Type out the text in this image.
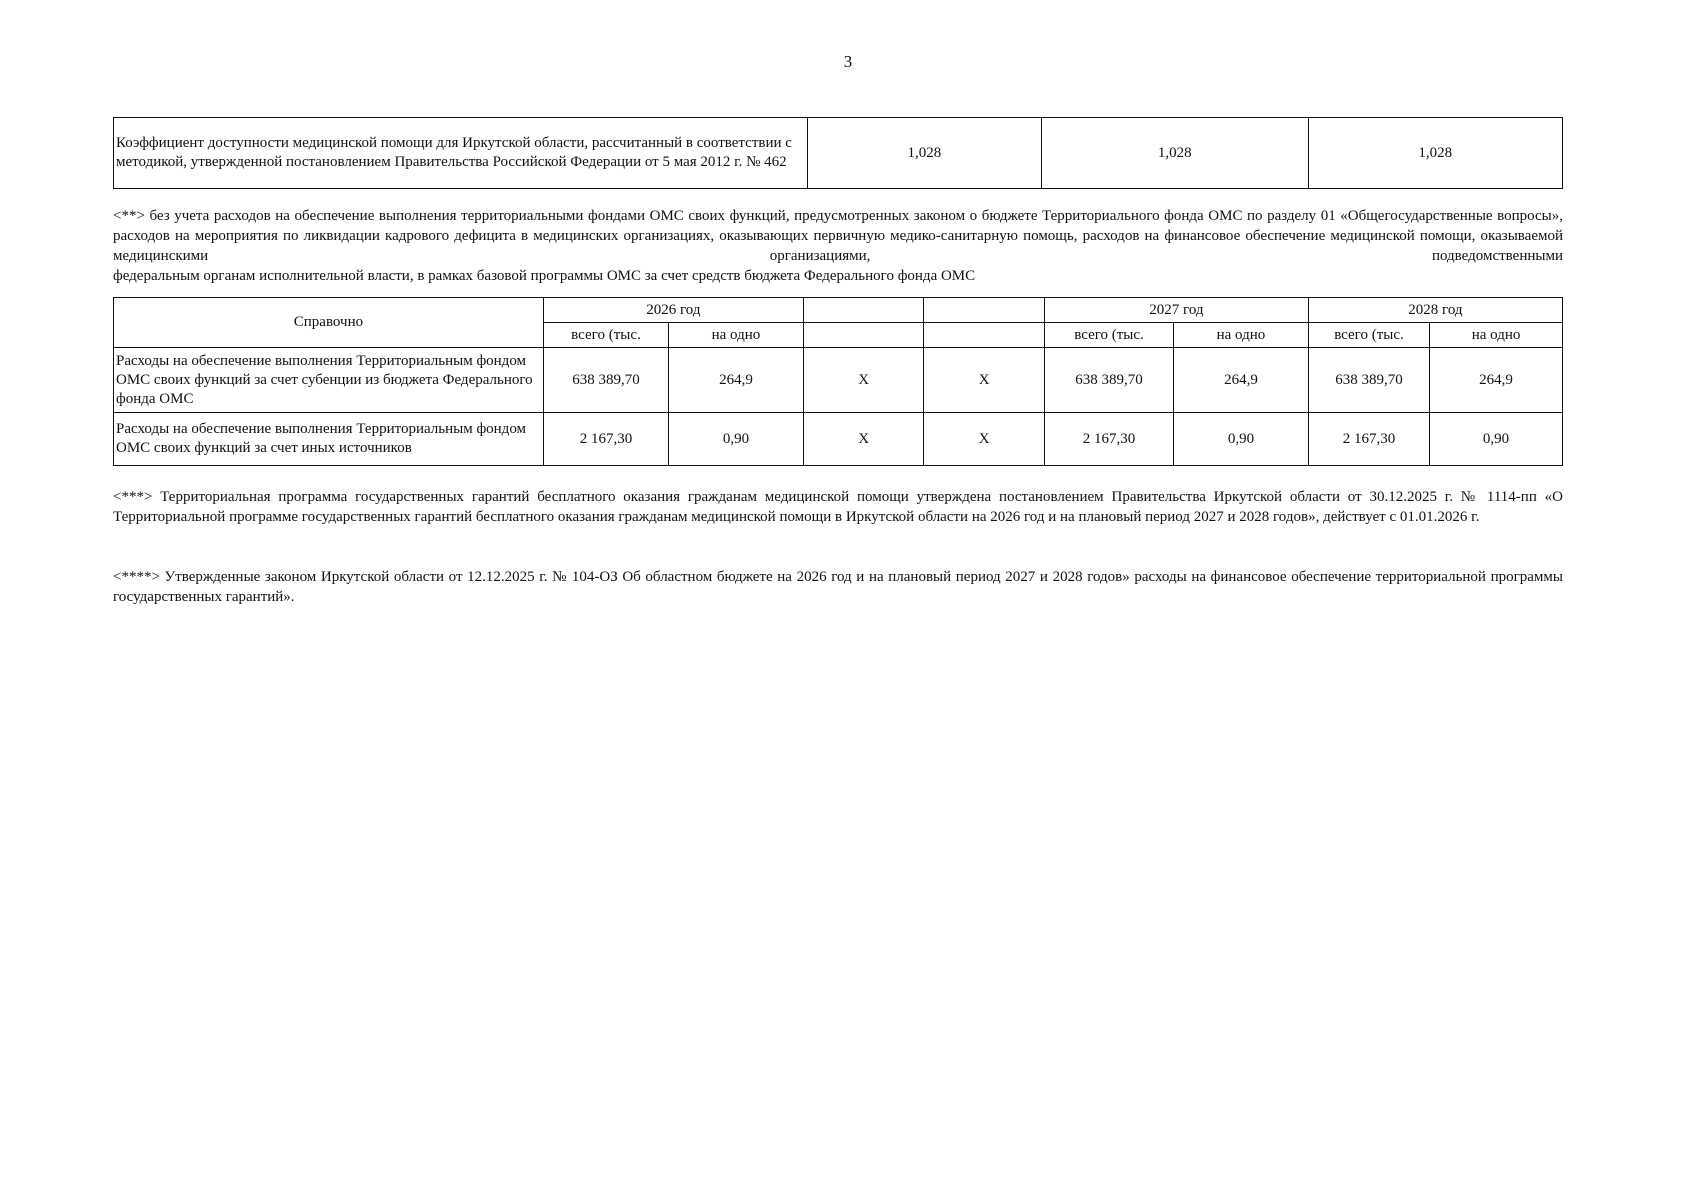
3
Коэффициент доступности медицинской помощи для Иркутской области, рассчитанный в соответствии с методикой, утвержденной постановлением Правительства Российской Федерации от 5 мая 2012 г. № 462	1,028	1,028	1,028
<**> без учета расходов на обеспечение выполнения территориальными фондами ОМС своих функций, предусмотренных законом о бюджете Территориального фонда ОМС по разделу 01 «Общегосударственные вопросы», расходов на мероприятия по ликвидации кадрового дефицита в медицинских организациях, оказывающих первичную медико-санитарную помощь, расходов на финансовое обеспечение медицинской помощи, оказываемой медицинскими организациями, подведомственными
федеральным органам исполнительной власти, в рамках базовой программы ОМС за счет средств бюджета Федерального фонда ОМС
Справочно	2026 год				2027 год		2028 год	
	всего (тыс.	на одно			всего (тыс.	на одно	всего (тыс.	на одно
Расходы на обеспечение выполнения Территориальным фондом ОМС своих функций за счет субенции из бюджета Федерального фонда ОМС	638 389,70	264,9	X	X	638 389,70	264,9	638 389,70	264,9
Расходы на обеспечение выполнения Территориальным фондом ОМС своих функций за счет иных источников	2 167,30	0,90	X	X	2 167,30	0,90	2 167,30	0,90
<***> Территориальная программа государственных гарантий бесплатного оказания гражданам медицинской помощи утверждена постановлением Правительства Иркутской области от 30.12.2025 г. № 1114-пп «О Территориальной программе государственных гарантий бесплатного оказания гражданам медицинской помощи в Иркутской области на 2026 год и на плановый период 2027 и 2028 годов», действует с 01.01.2026 г.
<****> Утвержденные законом Иркутской области от 12.12.2025 г. № 104-ОЗ Об областном бюджете на 2026 год и на плановый период 2027 и 2028 годов» расходы на финансовое обеспечение территориальной программы государственных гарантий».
